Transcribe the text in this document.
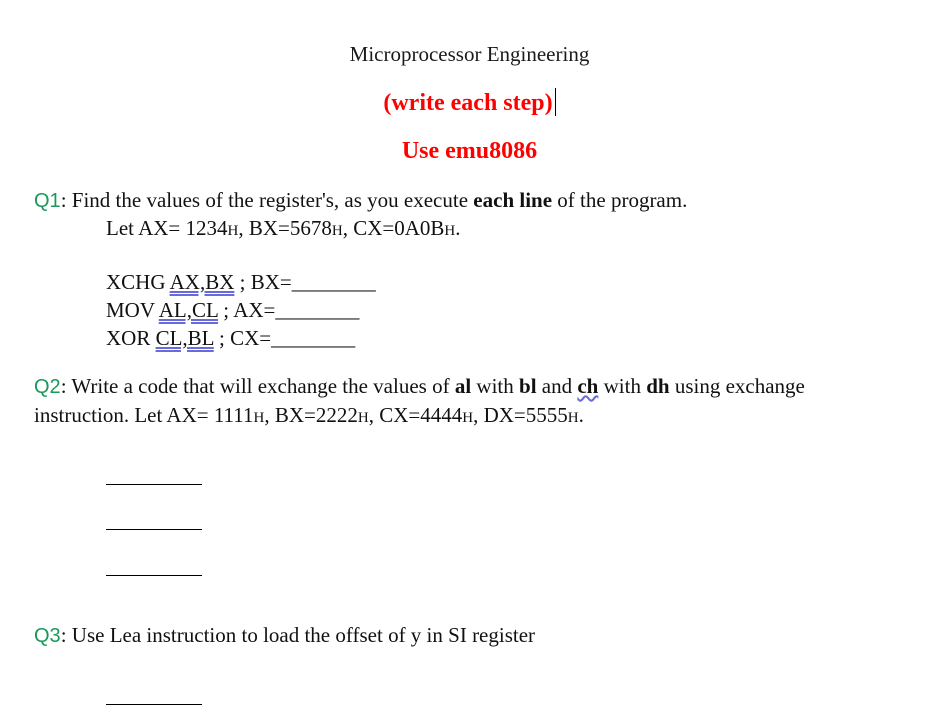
Microprocessor Engineering
(write each step)
Use emu8086
Q1: Find the values of the register's, as you execute each line of the program.
Let AX= 1234H, BX=5678H, CX=0A0BH.
XCHG AX,BX ; BX=________
MOV AL,CL ; AX=________
XOR CL,BL ; CX=________
Q2: Write a code that will exchange the values of al with bl and ch with dh using exchange
instruction. Let AX= 1111H, BX=2222H, CX=4444H, DX=5555H.
Q3: Use Lea instruction to load the offset of y in SI register
